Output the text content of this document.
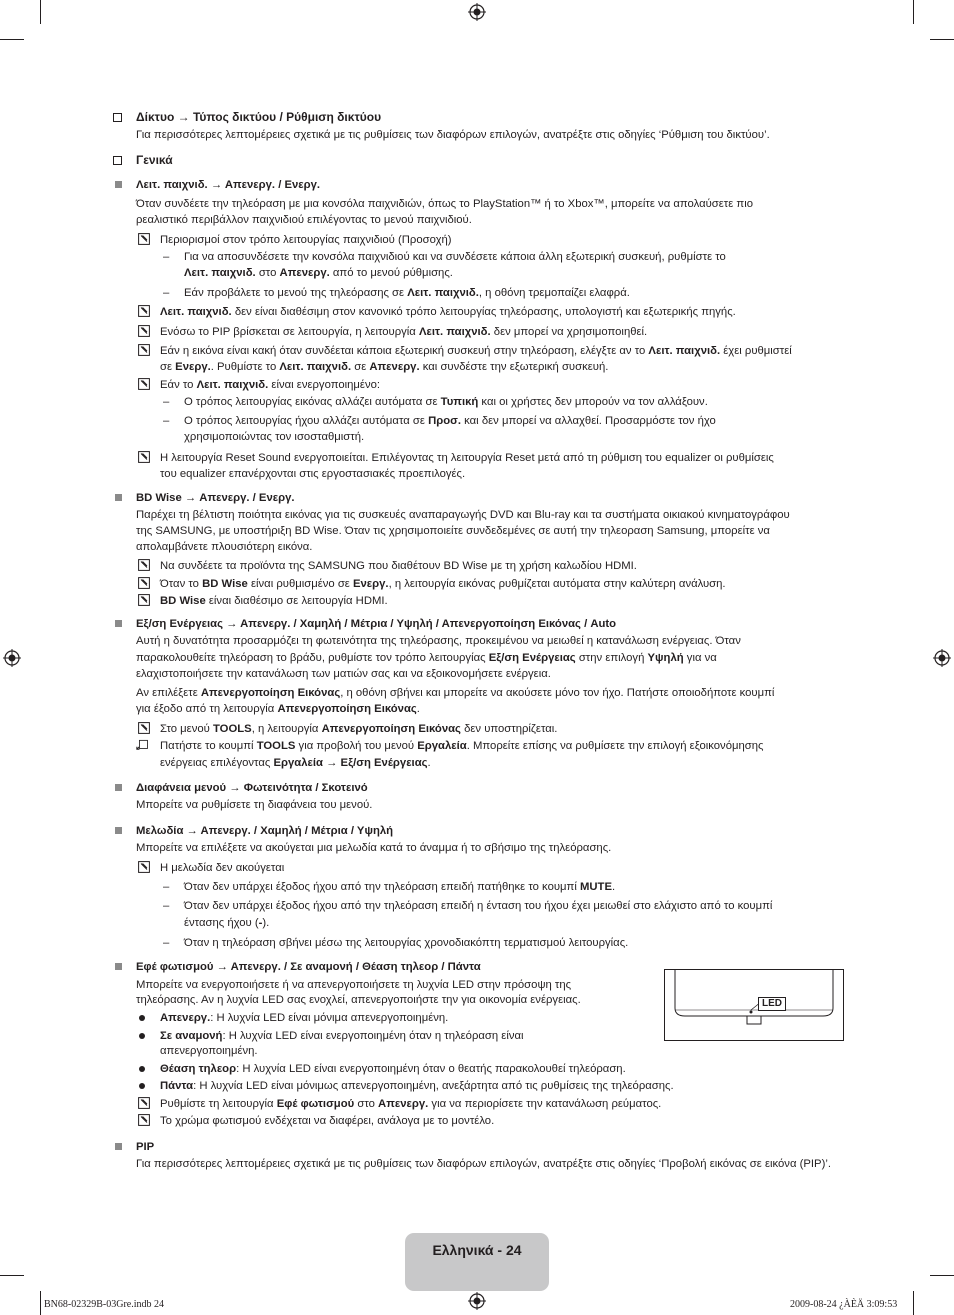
Δίκτυο → Τύπος δικτύου / Ρύθμιση δικτύου
Για περισσότερες λεπτομέρειες σχετικά με τις ρυθμίσεις των διαφόρων επιλογών, ανατρέξτε στις οδηγίες ‘Ρύθμιση του δικτύου’.
Γενικά
Λειτ. παιχνιδ. → Απενεργ. / Ενεργ.
Όταν συνδέετε την τηλεόραση με μια κονσόλα παιχνιδιών, όπως το PlayStation™ ή το Xbox™, μπορείτε να απολαύσετε πιο
ρεαλιστικό περιβάλλον παιχνιδιού επιλέγοντας το μενού παιχνιδιού.
Περιορισμοί στον τρόπο λειτουργίας παιχνιδιού (Προσοχή)
– Για να αποσυνδέσετε την κονσόλα παιχνιδιού και να συνδέσετε κάποια άλλη εξωτερική συσκευή, ρυθμίστε το
Λειτ. παιχνιδ. στο Απενεργ. από το μενού ρύθμισης.
– Εάν προβάλετε το μενού της τηλεόρασης σε Λειτ. παιχνιδ., η οθόνη τρεμοπαίζει ελαφρά.
Λειτ. παιχνιδ. δεν είναι διαθέσιμη στον κανονικό τρόπο λειτουργίας τηλεόρασης, υπολογιστή και εξωτερικής πηγής.
Ενόσω το PIP βρίσκεται σε λειτουργία, η λειτουργία Λειτ. παιχνιδ. δεν μπορεί να χρησιμοποιηθεί.
Εάν η εικόνα είναι κακή όταν συνδέεται κάποια εξωτερική συσκευή στην τηλεόραση, ελέγξτε αν το Λειτ. παιχνιδ. έχει ρυθμιστεί
σε Ενεργ.. Ρυθμίστε το Λειτ. παιχνιδ. σε Απενεργ. και συνδέστε την εξωτερική συσκευή.
Εάν το Λειτ. παιχνιδ. είναι ενεργοποιημένο:
– Ο τρόπος λειτουργίας εικόνας αλλάζει αυτόματα σε Τυπική και οι χρήστες δεν μπορούν να τον αλλάξουν.
– Ο τρόπος λειτουργίας ήχου αλλάζει αυτόματα σε Προσ. και δεν μπορεί να αλλαχθεί. Προσαρμόστε τον ήχο
χρησιμοποιώντας τον ισοσταθμιστή.
Η λειτουργία Reset Sound ενεργοποιείται. Επιλέγοντας τη λειτουργία Reset μετά από τη ρύθμιση του equalizer οι ρυθμίσεις
του equalizer επανέρχονται στις εργοστασιακές προεπιλογές.
BD Wise → Απενεργ. / Ενεργ.
Παρέχει τη βέλτιστη ποιότητα εικόνας για τις συσκευές αναπαραγωγής DVD και Blu-ray και τα συστήματα οικιακού κινηματογράφου
της SAMSUNG, με υποστήριξη BD Wise. Όταν τις χρησιμοποιείτε συνδεδεμένες σε αυτή την τηλεοραση Samsung, μπορείτε να
απολαμβάνετε πλουσιότερη εικόνα.
Να συνδέετε τα προϊόντα της SAMSUNG που διαθέτουν BD Wise με τη χρήση καλωδίου HDMI.
Όταν το BD Wise είναι ρυθμισμένο σε Ενεργ., η λειτουργία εικόνας ρυθμίζεται αυτόματα στην καλύτερη ανάλυση.
BD Wise είναι διαθέσιμο σε λειτουργία HDMI.
Εξ/ση Ενέργειας → Απενεργ. / Χαμηλή / Μέτρια / Υψηλή / Απενεργοποίηση Εικόνας / Auto
Αυτή η δυνατότητα προσαρμόζει τη φωτεινότητα της τηλεόρασης, προκειμένου να μειωθεί η κατανάλωση ενέργειας. Όταν
παρακολουθείτε τηλεόραση το βράδυ, ρυθμίστε τον τρόπο λειτουργίας Εξ/ση Ενέργειας στην επιλογή Υψηλή για να
ελαχιστοποιήσετε την κατανάλωση των ματιών σας και να εξοικονομήσετε ενέργεια.
Αν επιλέξετε Απενεργοποίηση Εικόνας, η οθόνη σβήνει και μπορείτε να ακούσετε μόνο τον ήχο. Πατήστε οποιοδήποτε κουμπί
για έξοδο από τη λειτουργία Απενεργοποίηση Εικόνας.
Στο μενού TOOLS, η λειτουργία Απενεργοποίηση Εικόνας δεν υποστηρίζεται.
Πατήστε το κουμπί TOOLS για προβολή του μενού Εργαλεία. Μπορείτε επίσης να ρυθμίσετε την επιλογή εξοικονόμησης
ενέργειας επιλέγοντας Εργαλεία → Εξ/ση Ενέργειας.
Διαφάνεια μενού → Φωτεινότητα / Σκοτεινό
Μπορείτε να ρυθμίσετε τη διαφάνεια του μενού.
Μελωδία → Απενεργ. / Χαμηλή / Μέτρια / Υψηλή
Μπορείτε να επιλέξετε να ακούγεται μια μελωδία κατά το άναμμα ή το σβήσιμο της τηλεόρασης.
Η μελωδία δεν ακούγεται
– Όταν δεν υπάρχει έξοδος ήχου από την τηλεόραση επειδή πατήθηκε το κουμπί MUTE.
– Όταν δεν υπάρχει έξοδος ήχου από την τηλεόραση επειδή η ένταση του ήχου έχει μειωθεί στο ελάχιστο από το κουμπί
έντασης ήχου (-).
– Όταν η τηλεόραση σβήνει μέσω της λειτουργίας χρονοδιακόπτη τερματισμού λειτουργίας.
Εφέ φωτισμού → Απενεργ. / Σε αναμονή / Θέαση τηλεορ / Πάντα
Μπορείτε να ενεργοποιήσετε ή να απενεργοποιήσετε τη λυχνία LED στην πρόσοψη της
τηλεόρασης. Αν η λυχνία LED σας ενοχλεί, απενεργοποιήστε την για οικονομία ενέργειας.
Απενεργ.: Η λυχνία LED είναι μόνιμα απενεργοποιημένη.
Σε αναμονή: Η λυχνία LED είναι ενεργοποιημένη όταν η τηλεόραση είναι
απενεργοποιημένη.
Θέαση τηλεορ: Η λυχνία LED είναι ενεργοποιημένη όταν ο θεατής παρακολουθεί τηλεόραση.
Πάντα: Η λυχνία LED είναι μόνιμως απενεργοποιημένη, ανεξάρτητα από τις ρυθμίσεις της τηλεόρασης.
Ρυθμίστε τη λειτουργία Εφέ φωτισμού στο Απενεργ. για να περιορίσετε την κατανάλωση ρεύματος.
Το χρώμα φωτισμού ενδέχεται να διαφέρει, ανάλογα με το μοντέλο.
LED
PIP
Για περισσότερες λεπτομέρειες σχετικά με τις ρυθμίσεις των διαφόρων επιλογών, ανατρέξτε στις οδηγίες ‘Προβολή εικόνας σε εικόνα (PIP)’.
Ελληνικά - 24
BN68-02329B-03Gre.indb 24	2009-08-24 ¿ÀÈÄ 3:09:53
